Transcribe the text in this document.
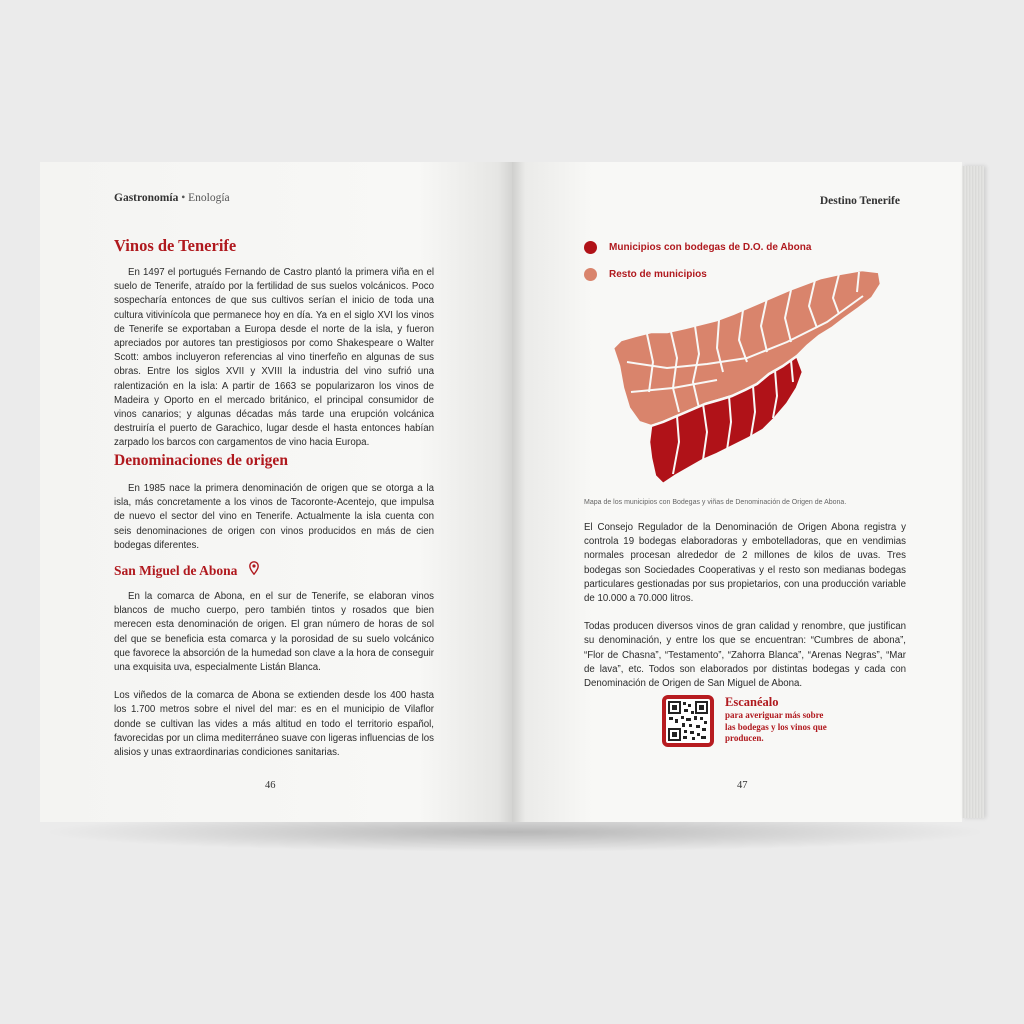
Gastronomía • Enología
Vinos de Tenerife

En 1497 el portugués Fernando de Castro plantó la primera viña en el suelo de Tenerife, atraído por la fertilidad de sus suelos volcánicos. Poco sospecharía entonces de que sus cultivos serían el inicio de toda una cultura vitivinícola que permanece hoy en día. Ya en el siglo XVI los vinos de Tenerife se exportaban a Europa desde el norte de la isla, y fueron apreciados por autores tan prestigiosos por como Shakespeare o Walter Scott: ambos incluyeron referencias al vino tinerfeño en algunas de sus obras. Entre los siglos XVII y XVIII la industria del vino sufrió una ralentización en la isla: A partir de 1663 se popularizaron los vinos de Madeira y Oporto en el mercado británico, el principal consumidor de vinos canarios; y algunas décadas más tarde una erupción volcánica destruiría el puerto de Garachico, lugar desde el hasta entonces habían zarpado los barcos con cargamentos de vino hacia Europa.

Denominaciones de origen

En 1985 nace la primera denominación de origen que se otorga a la isla, más concretamente a los vinos de Tacoronte-Acentejo, que impulsa de nuevo el sector del vino en Tenerife. Actualmente la isla cuenta con seis denominaciones de origen con vinos producidos en más de cien bodegas diferentes.

San Miguel de Abona

En la comarca de Abona, en el sur de Tenerife, se elaboran vinos blancos de mucho cuerpo, pero también tintos y rosados que bien merecen esta denominación de origen. El gran número de horas de sol del que se beneficia esta comarca y la porosidad de su suelo volcánico que favorece la absorción de la humedad son clave a la hora de conseguir una exquisita uva, especialmente Listán Blanca.

Los viñedos de la comarca de Abona se extienden desde los 400 hasta los 1.700 metros sobre el nivel del mar: es en el municipio de Vilaflor donde se cultivan las vides a más altitud en todo el territorio español, favorecidas por un clima mediterráneo suave con ligeras influencias de los alisios y unas extraordinarias condiciones sanitarias.

46
Destino Tenerife
Municipios con bodegas de D.O. de Abona
Resto de municipios
Mapa de los municipios con Bodegas y viñas de Denominación de Origen de Abona.

El Consejo Regulador de la Denominación de Origen Abona registra y controla 19 bodegas elaboradoras y embotelladoras, que en vendimias normales procesan alrededor de 2 millones de kilos de uvas. Tres bodegas son Sociedades Cooperativas y el resto son medianas bodegas particulares gestionadas por sus propietarios, con una producción variable de 10.000 a 70.000 litros.

Todas producen diversos vinos de gran calidad y renombre, que justifican su denominación, y entre los que se encuentran: “Cumbres de abona”, “Flor de Chasna”, “Testamento”, “Zahorra Blanca”, “Arenas Negras”, “Mar de lava”, etc. Todos son elaborados por distintas bodegas y cada con Denominación de Origen de San Miguel de Abona.

Escanéalo
para averiguar más sobre las bodegas y los vinos que producen.
47
